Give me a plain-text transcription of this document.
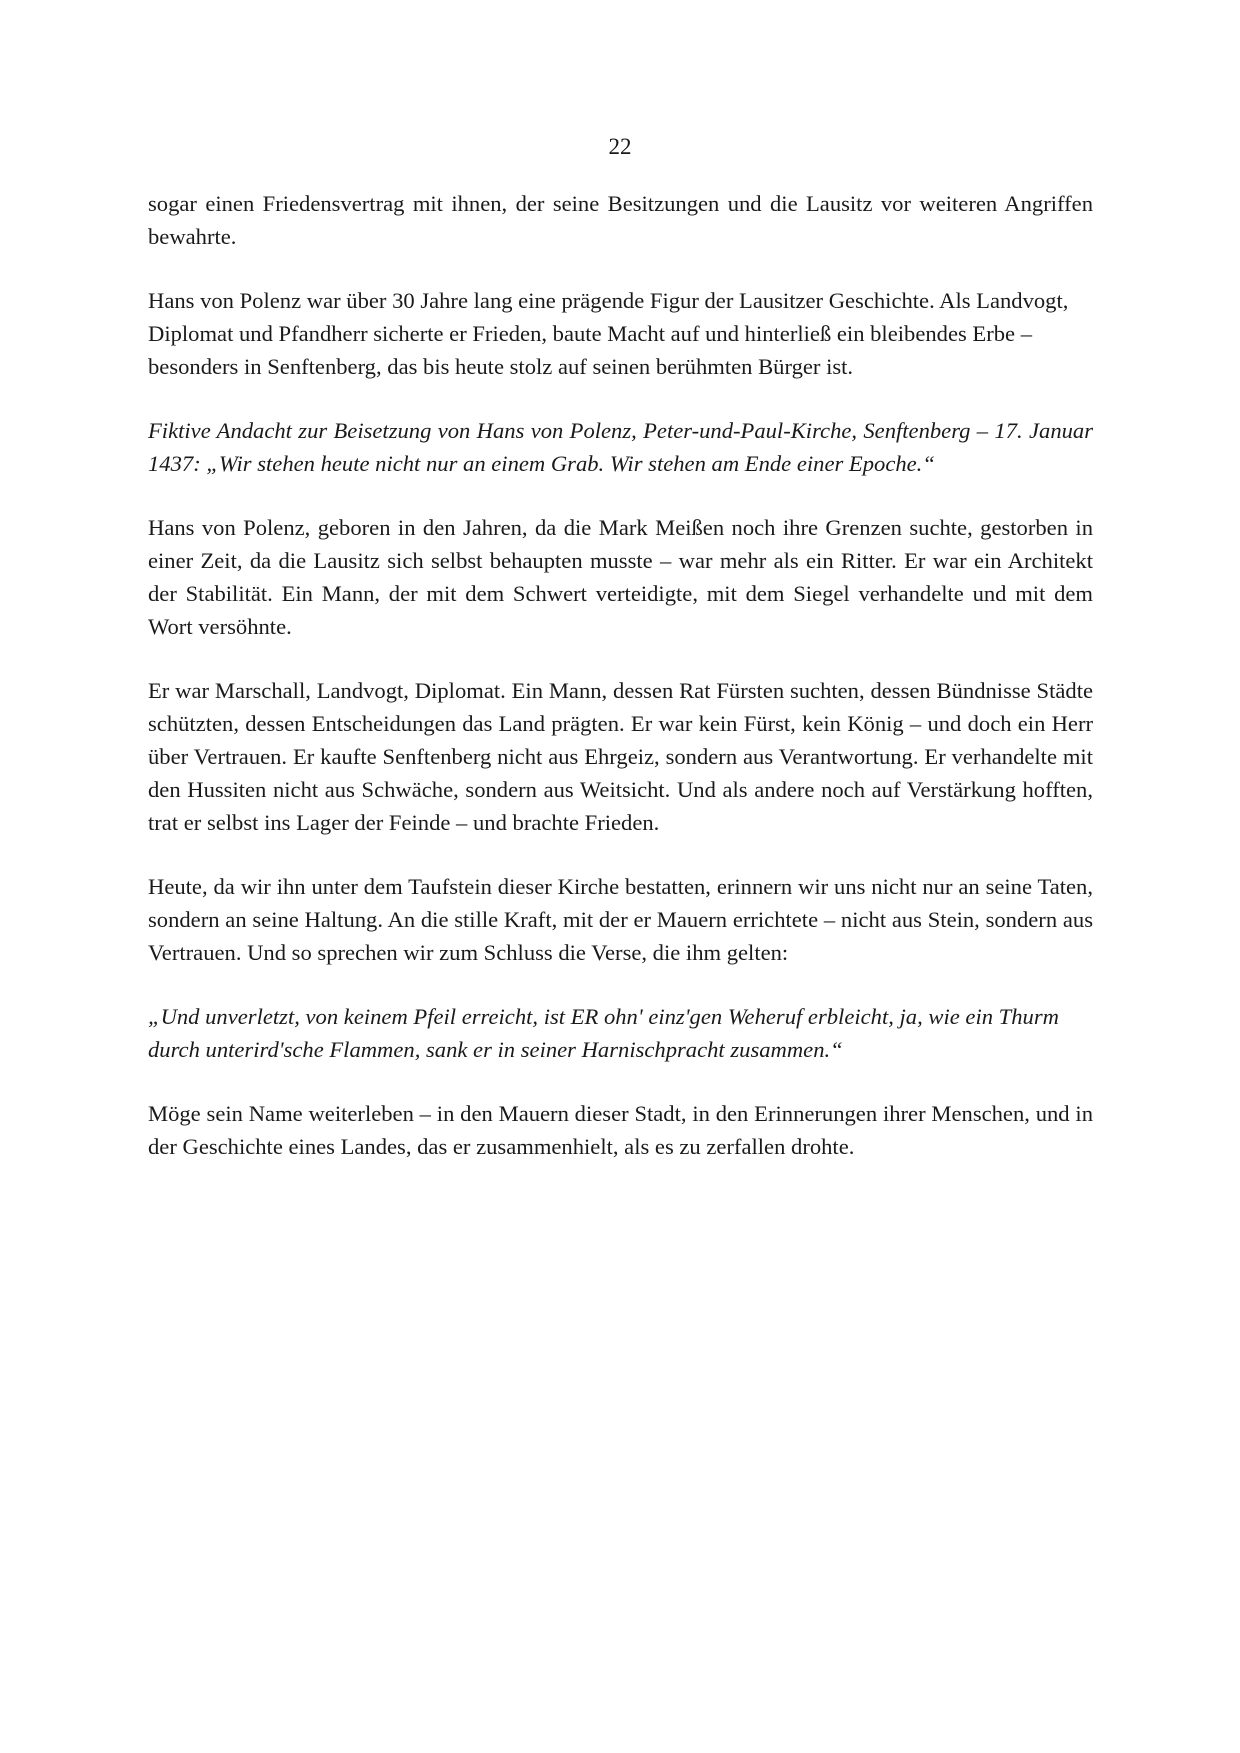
22

sogar einen Friedensvertrag mit ihnen, der seine Besitzungen und die Lausitz vor weiteren Angriffen bewahrte.

Hans von Polenz war über 30 Jahre lang eine prägende Figur der Lausitzer Geschichte. Als Landvogt, Diplomat und Pfandherr sicherte er Frieden, baute Macht auf und hinterließ ein bleibendes Erbe – besonders in Senftenberg, das bis heute stolz auf seinen berühmten Bürger ist.

Fiktive Andacht zur Beisetzung von Hans von Polenz, Peter-und-Paul-Kirche, Senftenberg – 17. Januar 1437: „Wir stehen heute nicht nur an einem Grab. Wir stehen am Ende einer Epoche.“

Hans von Polenz, geboren in den Jahren, da die Mark Meißen noch ihre Grenzen suchte, gestorben in einer Zeit, da die Lausitz sich selbst behaupten musste – war mehr als ein Ritter. Er war ein Architekt der Stabilität. Ein Mann, der mit dem Schwert verteidigte, mit dem Siegel verhandelte und mit dem Wort versöhnte.

Er war Marschall, Landvogt, Diplomat. Ein Mann, dessen Rat Fürsten suchten, dessen Bündnisse Städte schützten, dessen Entscheidungen das Land prägten. Er war kein Fürst, kein König – und doch ein Herr über Vertrauen. Er kaufte Senftenberg nicht aus Ehrgeiz, sondern aus Verantwortung. Er verhandelte mit den Hussiten nicht aus Schwäche, sondern aus Weitsicht. Und als andere noch auf Verstärkung hofften, trat er selbst ins Lager der Feinde – und brachte Frieden.

Heute, da wir ihn unter dem Taufstein dieser Kirche bestatten, erinnern wir uns nicht nur an seine Taten, sondern an seine Haltung. An die stille Kraft, mit der er Mauern errichtete – nicht aus Stein, sondern aus Vertrauen. Und so sprechen wir zum Schluss die Verse, die ihm gelten:

„Und unverletzt, von keinem Pfeil erreicht, ist ER ohn' einz'gen Weheruf erbleicht, ja, wie ein Thurm durch unterird'sche Flammen, sank er in seiner Harnischpracht zusammen.“

Möge sein Name weiterleben – in den Mauern dieser Stadt, in den Erinnerungen ihrer Menschen, und in der Geschichte eines Landes, das er zusammenhielt, als es zu zerfallen drohte.
